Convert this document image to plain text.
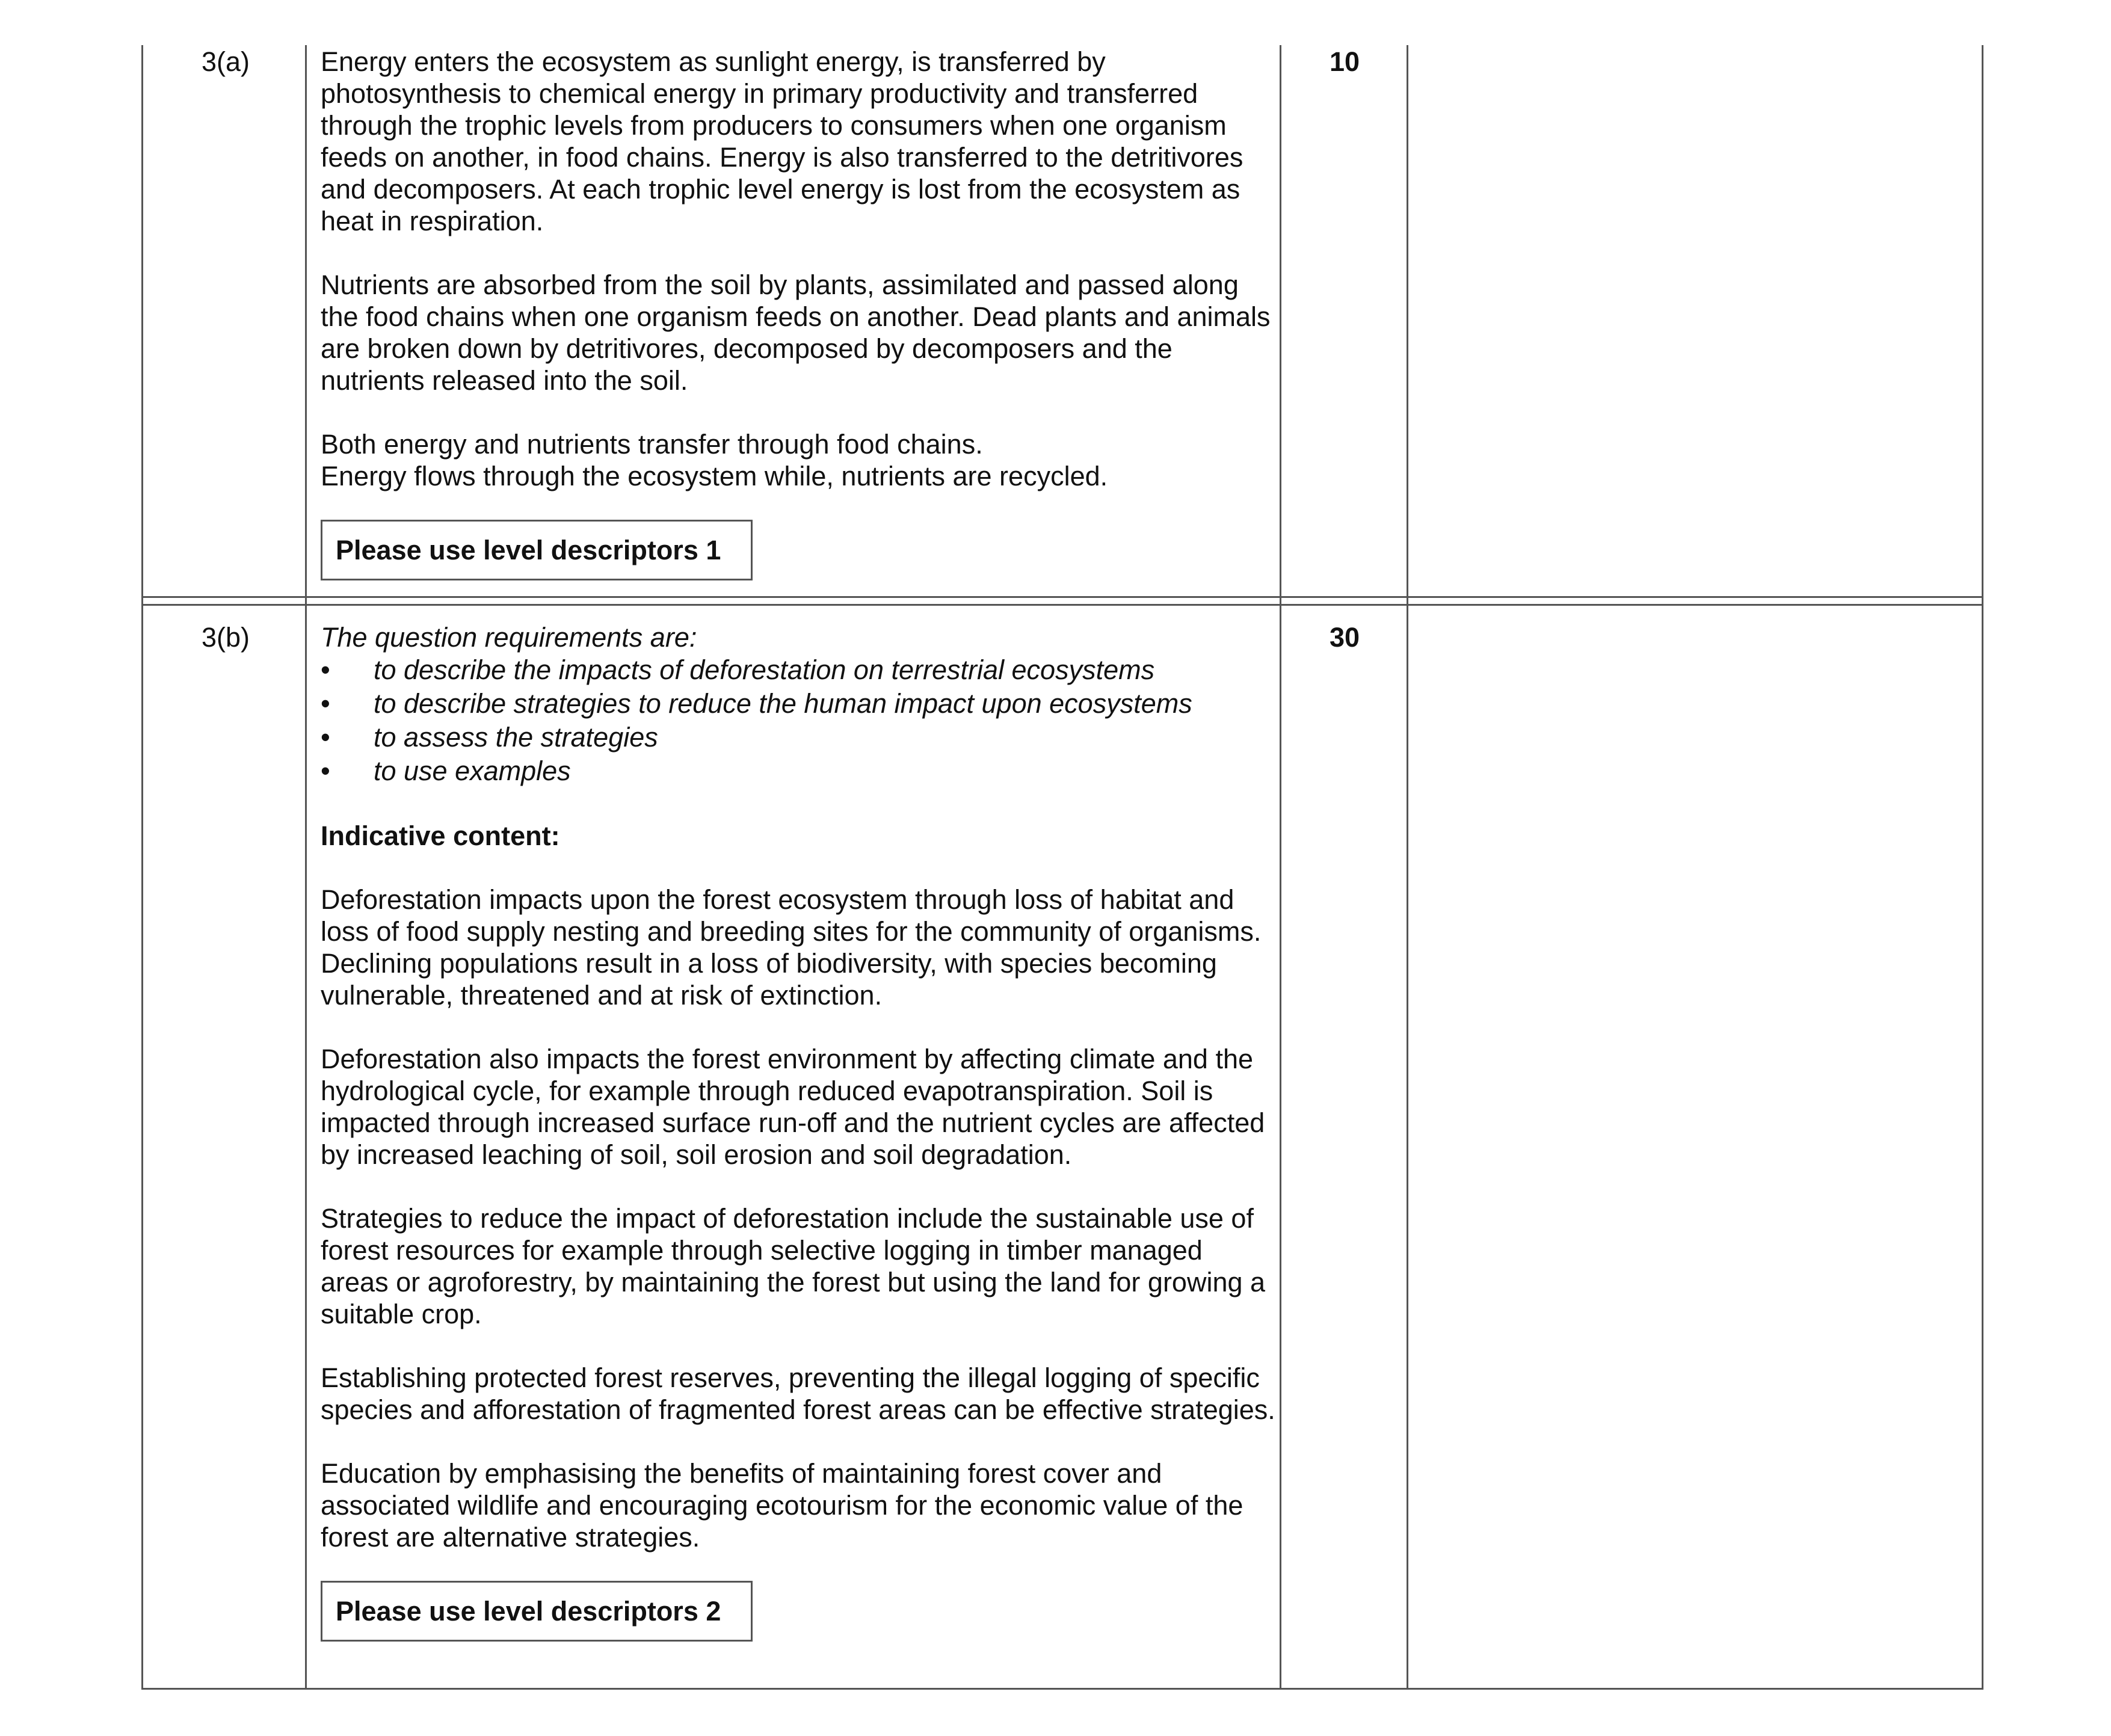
3(a)	10

Energy enters the ecosystem as sunlight energy, is transferred by photosynthesis to chemical energy in primary productivity and transferred through the trophic levels from producers to consumers when one organism feeds on another, in food chains. Energy is also transferred to the detritivores and decomposers. At each trophic level energy is lost from the ecosystem as heat in respiration.

Nutrients are absorbed from the soil by plants, assimilated and passed along the food chains when one organism feeds on another. Dead plants and animals are broken down by detritivores, decomposed by decomposers and the nutrients released into the soil.

Both energy and nutrients transfer through food chains.

Energy flows through the ecosystem while, nutrients are recycled.

Please use level descriptors 1
3(b)	30

The question requirements are:

• to describe the impacts of deforestation on terrestrial ecosystems
• to describe strategies to reduce the human impact upon ecosystems
• to assess the strategies
• to use examples

Indicative content:

Deforestation impacts upon the forest ecosystem through loss of habitat and loss of food supply nesting and breeding sites for the community of organisms. Declining populations result in a loss of biodiversity, with species becoming vulnerable, threatened and at risk of extinction.

Deforestation also impacts the forest environment by affecting climate and the hydrological cycle, for example through reduced evapotranspiration. Soil is impacted through increased surface run-off and the nutrient cycles are affected by increased leaching of soil, soil erosion and soil degradation.

Strategies to reduce the impact of deforestation include the sustainable use of forest resources for example through selective logging in timber managed areas or agroforestry, by maintaining the forest but using the land for growing a suitable crop.

Establishing protected forest reserves, preventing the illegal logging of specific species and afforestation of fragmented forest areas can be effective strategies.

Education by emphasising the benefits of maintaining forest cover and associated wildlife and encouraging ecotourism for the economic value of the forest are alternative strategies.

Please use level descriptors 2
